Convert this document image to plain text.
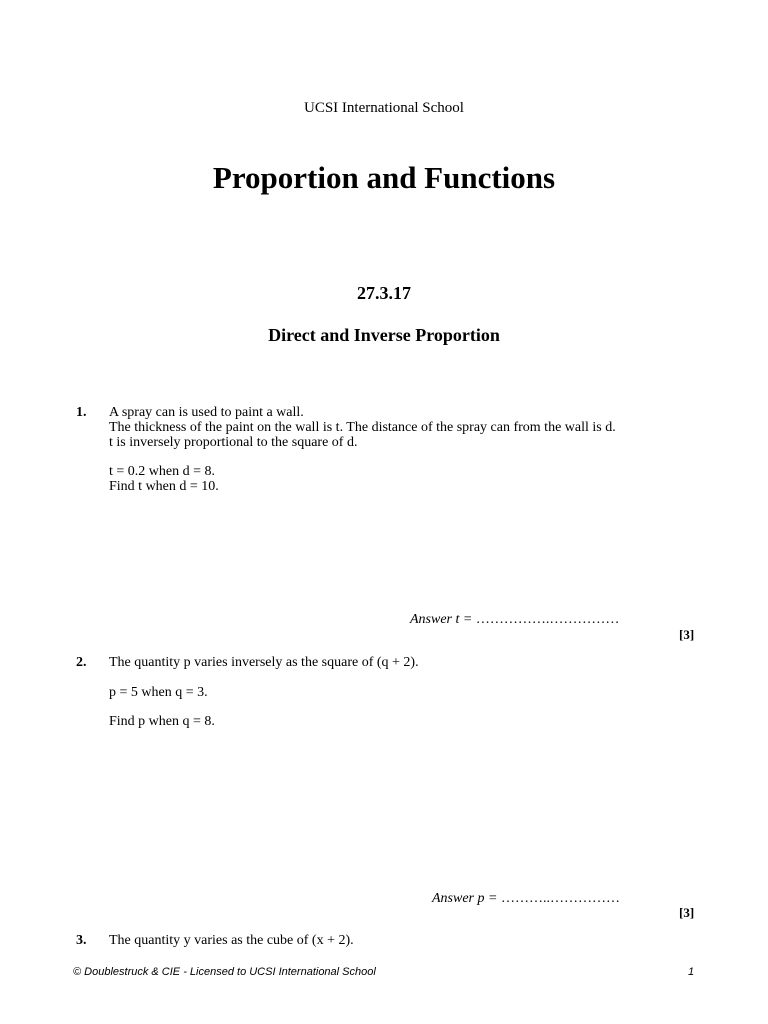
UCSI International School
Proportion and Functions
27.3.17
Direct and Inverse Proportion
1. A spray can is used to paint a wall.
The thickness of the paint on the wall is t. The distance of the spray can from the wall is d.
t is inversely proportional to the square of d.
t = 0.2 when d = 8.
Find t when d = 10.
Answer t = …………….……………
[3]
2. The quantity p varies inversely as the square of (q + 2).
p = 5 when q = 3.
Find p when q = 8.
Answer p = ………..……………
[3]
3. The quantity y varies as the cube of (x + 2).
© Doublestruck & CIE - Licensed to UCSI International School	1
